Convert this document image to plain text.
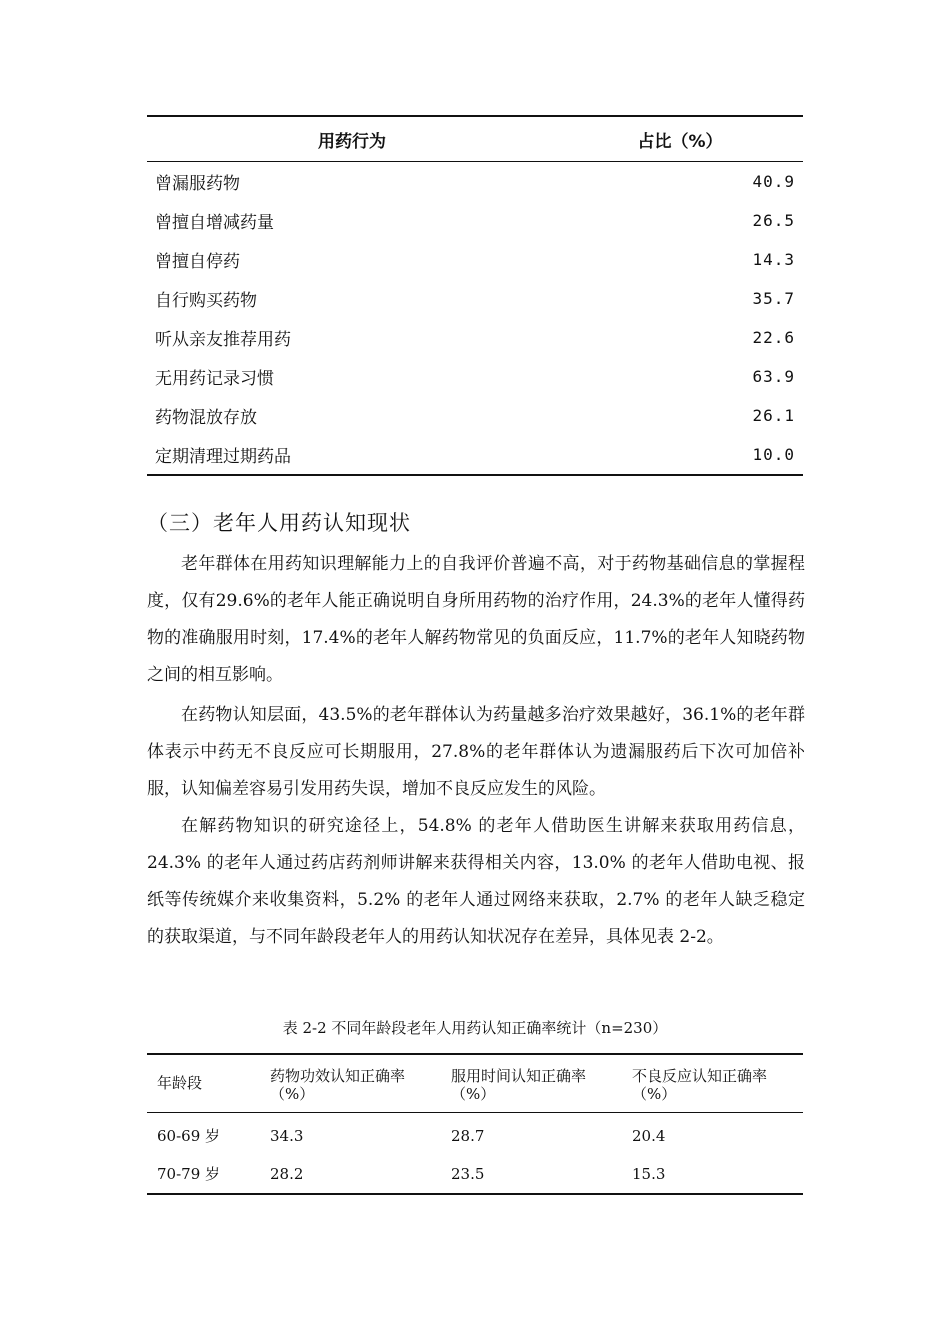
用药行为	占比（%）
曾漏服药物	40.9
曾擅自增减药量	26.5
曾擅自停药	14.3
自行购买药物	35.7
听从亲友推荐用药	22.6
无用药记录习惯	63.9
药物混放存放	26.1
定期清理过期药品	10.0
（三）老年人用药认知现状

老年群体在用药知识理解能力上的自我评价普遍不高，对于药物基础信息的掌握程度，仅有29.6%的老年人能正确说明自身所用药物的治疗作用，24.3%的老年人懂得药物的准确服用时刻，17.4%的老年人解药物常见的负面反应，11.7%的老年人知晓药物之间的相互影响。

在药物认知层面，43.5%的老年群体认为药量越多治疗效果越好，36.1%的老年群体表示中药无不良反应可长期服用，27.8%的老年群体认为遗漏服药后下次可加倍补服，认知偏差容易引发用药失误，增加不良反应发生的风险。

在解药物知识的研究途径上，54.8% 的老年人借助医生讲解来获取用药信息，24.3% 的老年人通过药店药剂师讲解来获得相关内容，13.0% 的老年人借助电视、报纸等传统媒介来收集资料，5.2% 的老年人通过网络来获取，2.7% 的老年人缺乏稳定的获取渠道，与不同年龄段老年人的用药认知状况存在差异，具体见表 2-2。

表 2-2 不同年龄段老年人用药认知正确率统计（n=230）

年龄段	药物功效认知正确率（%）	服用时间认知正确率（%）	不良反应认知正确率（%）
60-69 岁	34.3	28.7	20.4
70-79 岁	28.2	23.5	15.3
